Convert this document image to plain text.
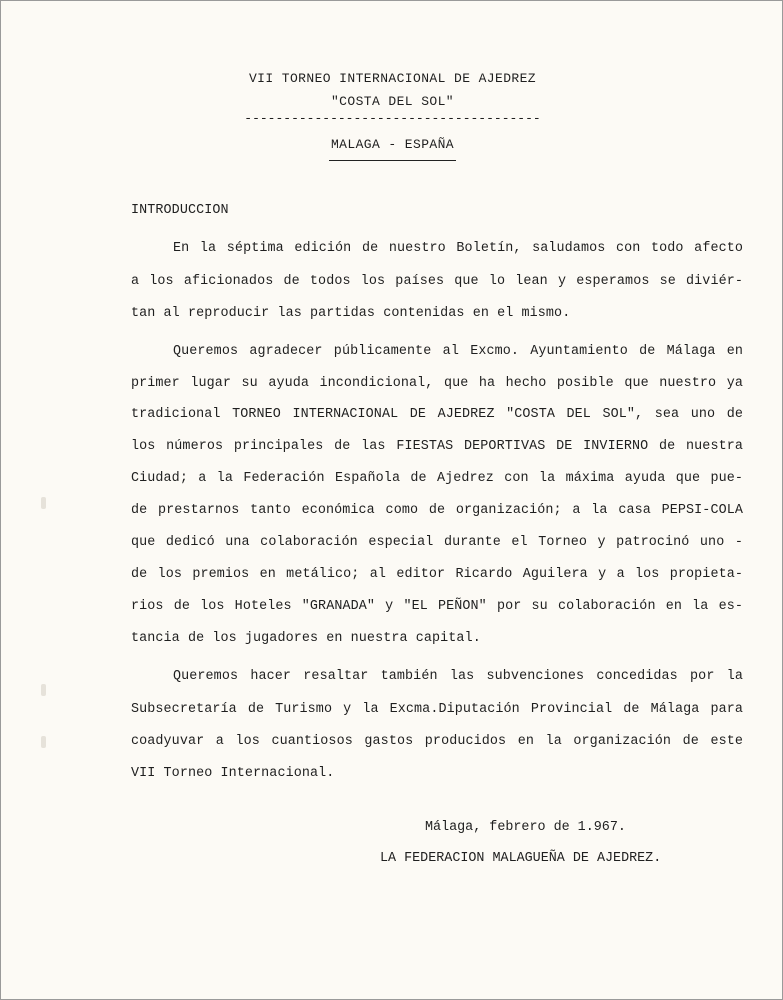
VII TORNEO INTERNACIONAL DE AJEDREZ
"COSTA DEL SOL"
--------------------------------------
MALAGA - ESPAÑA
INTRODUCCION
En la séptima edición de nuestro Boletín, saludamos con todo afecto
a los aficionados de todos los países que lo lean y esperamos se diviér-
tan al reproducir las partidas contenidas en el mismo.
Queremos agradecer públicamente al Excmo. Ayuntamiento de Málaga en
primer lugar su ayuda incondicional, que ha hecho posible que nuestro ya
tradicional TORNEO INTERNACIONAL DE AJEDREZ "COSTA DEL SOL", sea uno de
los números principales de las FIESTAS DEPORTIVAS DE INVIERNO de nuestra
Ciudad; a la Federación Española de Ajedrez con la máxima ayuda que pue-
de prestarnos tanto económica como de organización; a la casa PEPSI-COLA
que dedicó una colaboración especial durante el Torneo y patrocinó uno -
de los premios en metálico; al editor Ricardo Aguilera y a los propieta-
rios de los Hoteles "GRANADA" y "EL PEÑON" por su colaboración en la es-
tancia de los jugadores en nuestra capital.
Queremos hacer resaltar también las subvenciones concedidas por la
Subsecretaría de Turismo y la Excma.Diputación Provincial de Málaga para
coadyuvar a los cuantiosos gastos producidos en la organización de este
VII Torneo Internacional.
Málaga, febrero de 1.967.
LA FEDERACION MALAGUEÑA DE AJEDREZ.
